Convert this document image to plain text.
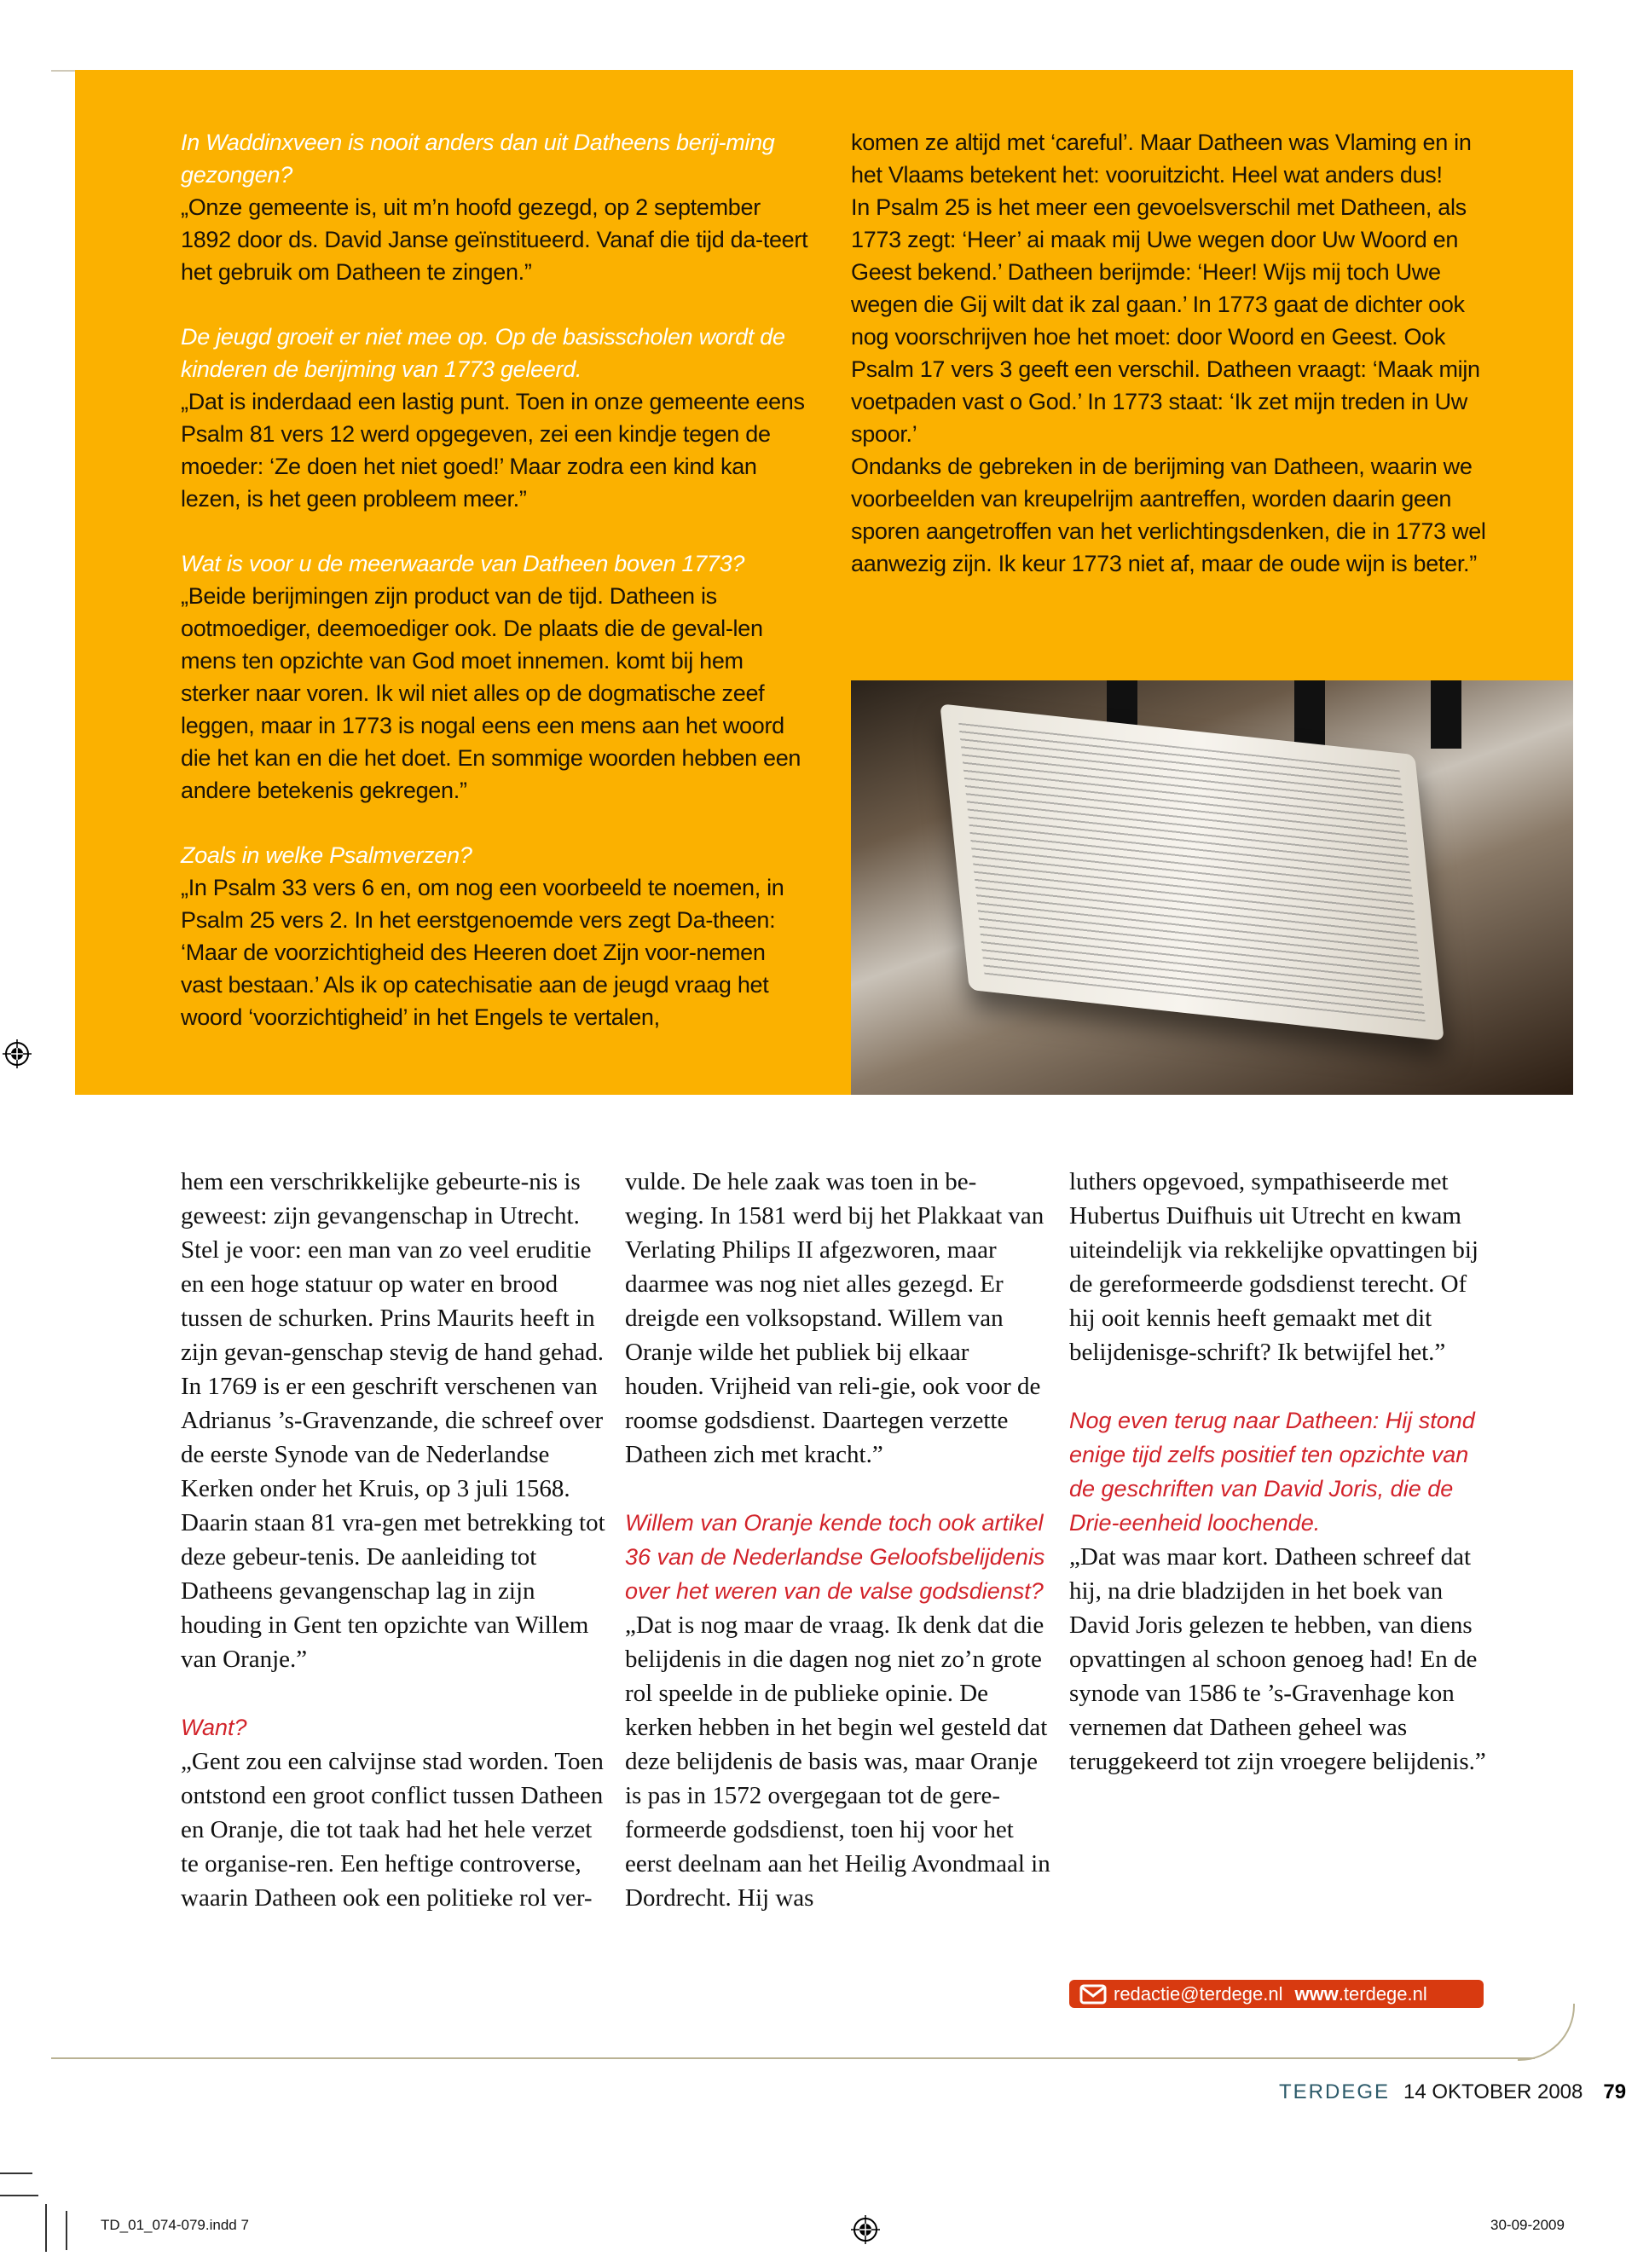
In Waddinxveen is nooit anders dan uit Datheens berij-ming gezongen?
„Onze gemeente is, uit m’n hoofd gezegd, op 2 september 1892 door ds. David Janse geïnstitueerd. Vanaf die tijd da-teert het gebruik om Datheen te zingen.”

De jeugd groeit er niet mee op. Op de basisscholen wordt de kinderen de berijming van 1773 geleerd.
„Dat is inderdaad een lastig punt. Toen in onze gemeente eens Psalm 81 vers 12 werd opgegeven, zei een kindje tegen de moeder: ‘Ze doen het niet goed!’ Maar zodra een kind kan lezen, is het geen probleem meer.”

Wat is voor u de meerwaarde van Datheen boven 1773?
„Beide berijmingen zijn product van de tijd. Datheen is ootmoediger, deemoediger ook. De plaats die de geval-len mens ten opzichte van God moet innemen. komt bij hem sterker naar voren. Ik wil niet alles op de dogmatische zeef leggen, maar in 1773 is nogal eens een mens aan het woord die het kan en die het doet. En sommige woorden hebben een andere betekenis gekregen.”

Zoals in welke Psalmverzen?
„In Psalm 33 vers 6 en, om nog een voorbeeld te noemen, in Psalm 25 vers 2. In het eerstgenoemde vers zegt Da-theen: ‘Maar de voorzichtigheid des Heeren doet Zijn voor-nemen vast bestaan.’ Als ik op catechisatie aan de jeugd vraag het woord ‘voorzichtigheid’ in het Engels te vertalen,

komen ze altijd met ‘careful’. Maar Datheen was Vlaming en in het Vlaams betekent het: vooruitzicht. Heel wat anders dus!
In Psalm 25 is het meer een gevoelsverschil met Datheen, als 1773 zegt: ‘Heer’ ai maak mij Uwe wegen door Uw Woord en Geest bekend.’ Datheen berijmde: ‘Heer! Wijs mij toch Uwe wegen die Gij wilt dat ik zal gaan.’ In 1773 gaat de dichter ook nog voorschrijven hoe het moet: door Woord en Geest. Ook Psalm 17 vers 3 geeft een verschil. Datheen vraagt: ‘Maak mijn voetpaden vast o God.’ In 1773 staat: ‘Ik zet mijn treden in Uw spoor.’
Ondanks de gebreken in de berijming van Datheen, waarin we voorbeelden van kreupelrijm aantreffen, worden daarin geen sporen aangetroffen van het verlichtingsdenken, die in 1773 wel aanwezig zijn. Ik keur 1773 niet af, maar de oude wijn is beter.”

hem een verschrikkelijke gebeurte-nis is geweest: zijn gevangenschap in Utrecht. Stel je voor: een man van zo veel eruditie en een hoge statuur op water en brood tussen de schurken. Prins Maurits heeft in zijn gevan-genschap stevig de hand gehad. In 1769 is er een geschrift verschenen van Adrianus ’s-Gravenzande, die schreef over de eerste Synode van de Nederlandse Kerken onder het Kruis, op 3 juli 1568. Daarin staan 81 vra-gen met betrekking tot deze gebeur-tenis. De aanleiding tot Datheens gevangenschap lag in zijn houding in Gent ten opzichte van Willem van Oranje.”

Want?
„Gent zou een calvijnse stad worden. Toen ontstond een groot conflict tussen Datheen en Oranje, die tot taak had het hele verzet te organise-ren. Een heftige controverse, waarin Datheen ook een politieke rol ver-

vulde. De hele zaak was toen in be-weging. In 1581 werd bij het Plakkaat van Verlating Philips II afgezworen, maar daarmee was nog niet alles gezegd. Er dreigde een volksopstand. Willem van Oranje wilde het publiek bij elkaar houden. Vrijheid van reli-gie, ook voor de roomse godsdienst. Daartegen verzette Datheen zich met kracht.”

Willem van Oranje kende toch ook artikel 36 van de Nederlandse Geloofsbelijdenis over het weren van de valse godsdienst?
„Dat is nog maar de vraag. Ik denk dat die belijdenis in die dagen nog niet zo’n grote rol speelde in de publieke opinie. De kerken hebben in het begin wel gesteld dat deze belijdenis de basis was, maar Oranje is pas in 1572 overgegaan tot de gere-formeerde godsdienst, toen hij voor het eerst deelnam aan het Heilig Avondmaal in Dordrecht. Hij was

luthers opgevoed, sympathiseerde met Hubertus Duifhuis uit Utrecht en kwam uiteindelijk via rekkelijke opvattingen bij de gereformeerde godsdienst terecht. Of hij ooit kennis heeft gemaakt met dit belijdenisge-schrift? Ik betwijfel het.”

Nog even terug naar Datheen: Hij stond enige tijd zelfs positief ten opzichte van de geschriften van David Joris, die de Drie-eenheid loochende.
„Dat was maar kort. Datheen schreef dat hij, na drie bladzijden in het boek van David Joris gelezen te hebben, van diens opvattingen al schoon genoeg had! En de synode van 1586 te ’s-Gravenhage kon vernemen dat Datheen geheel was teruggekeerd tot zijn vroegere belijdenis.”

redactie@terdege.nl www.terdege.nl
TERDEGE 14 OKTOBER 2008 79
TD_01_074-079.indd 7	30-09-2009
